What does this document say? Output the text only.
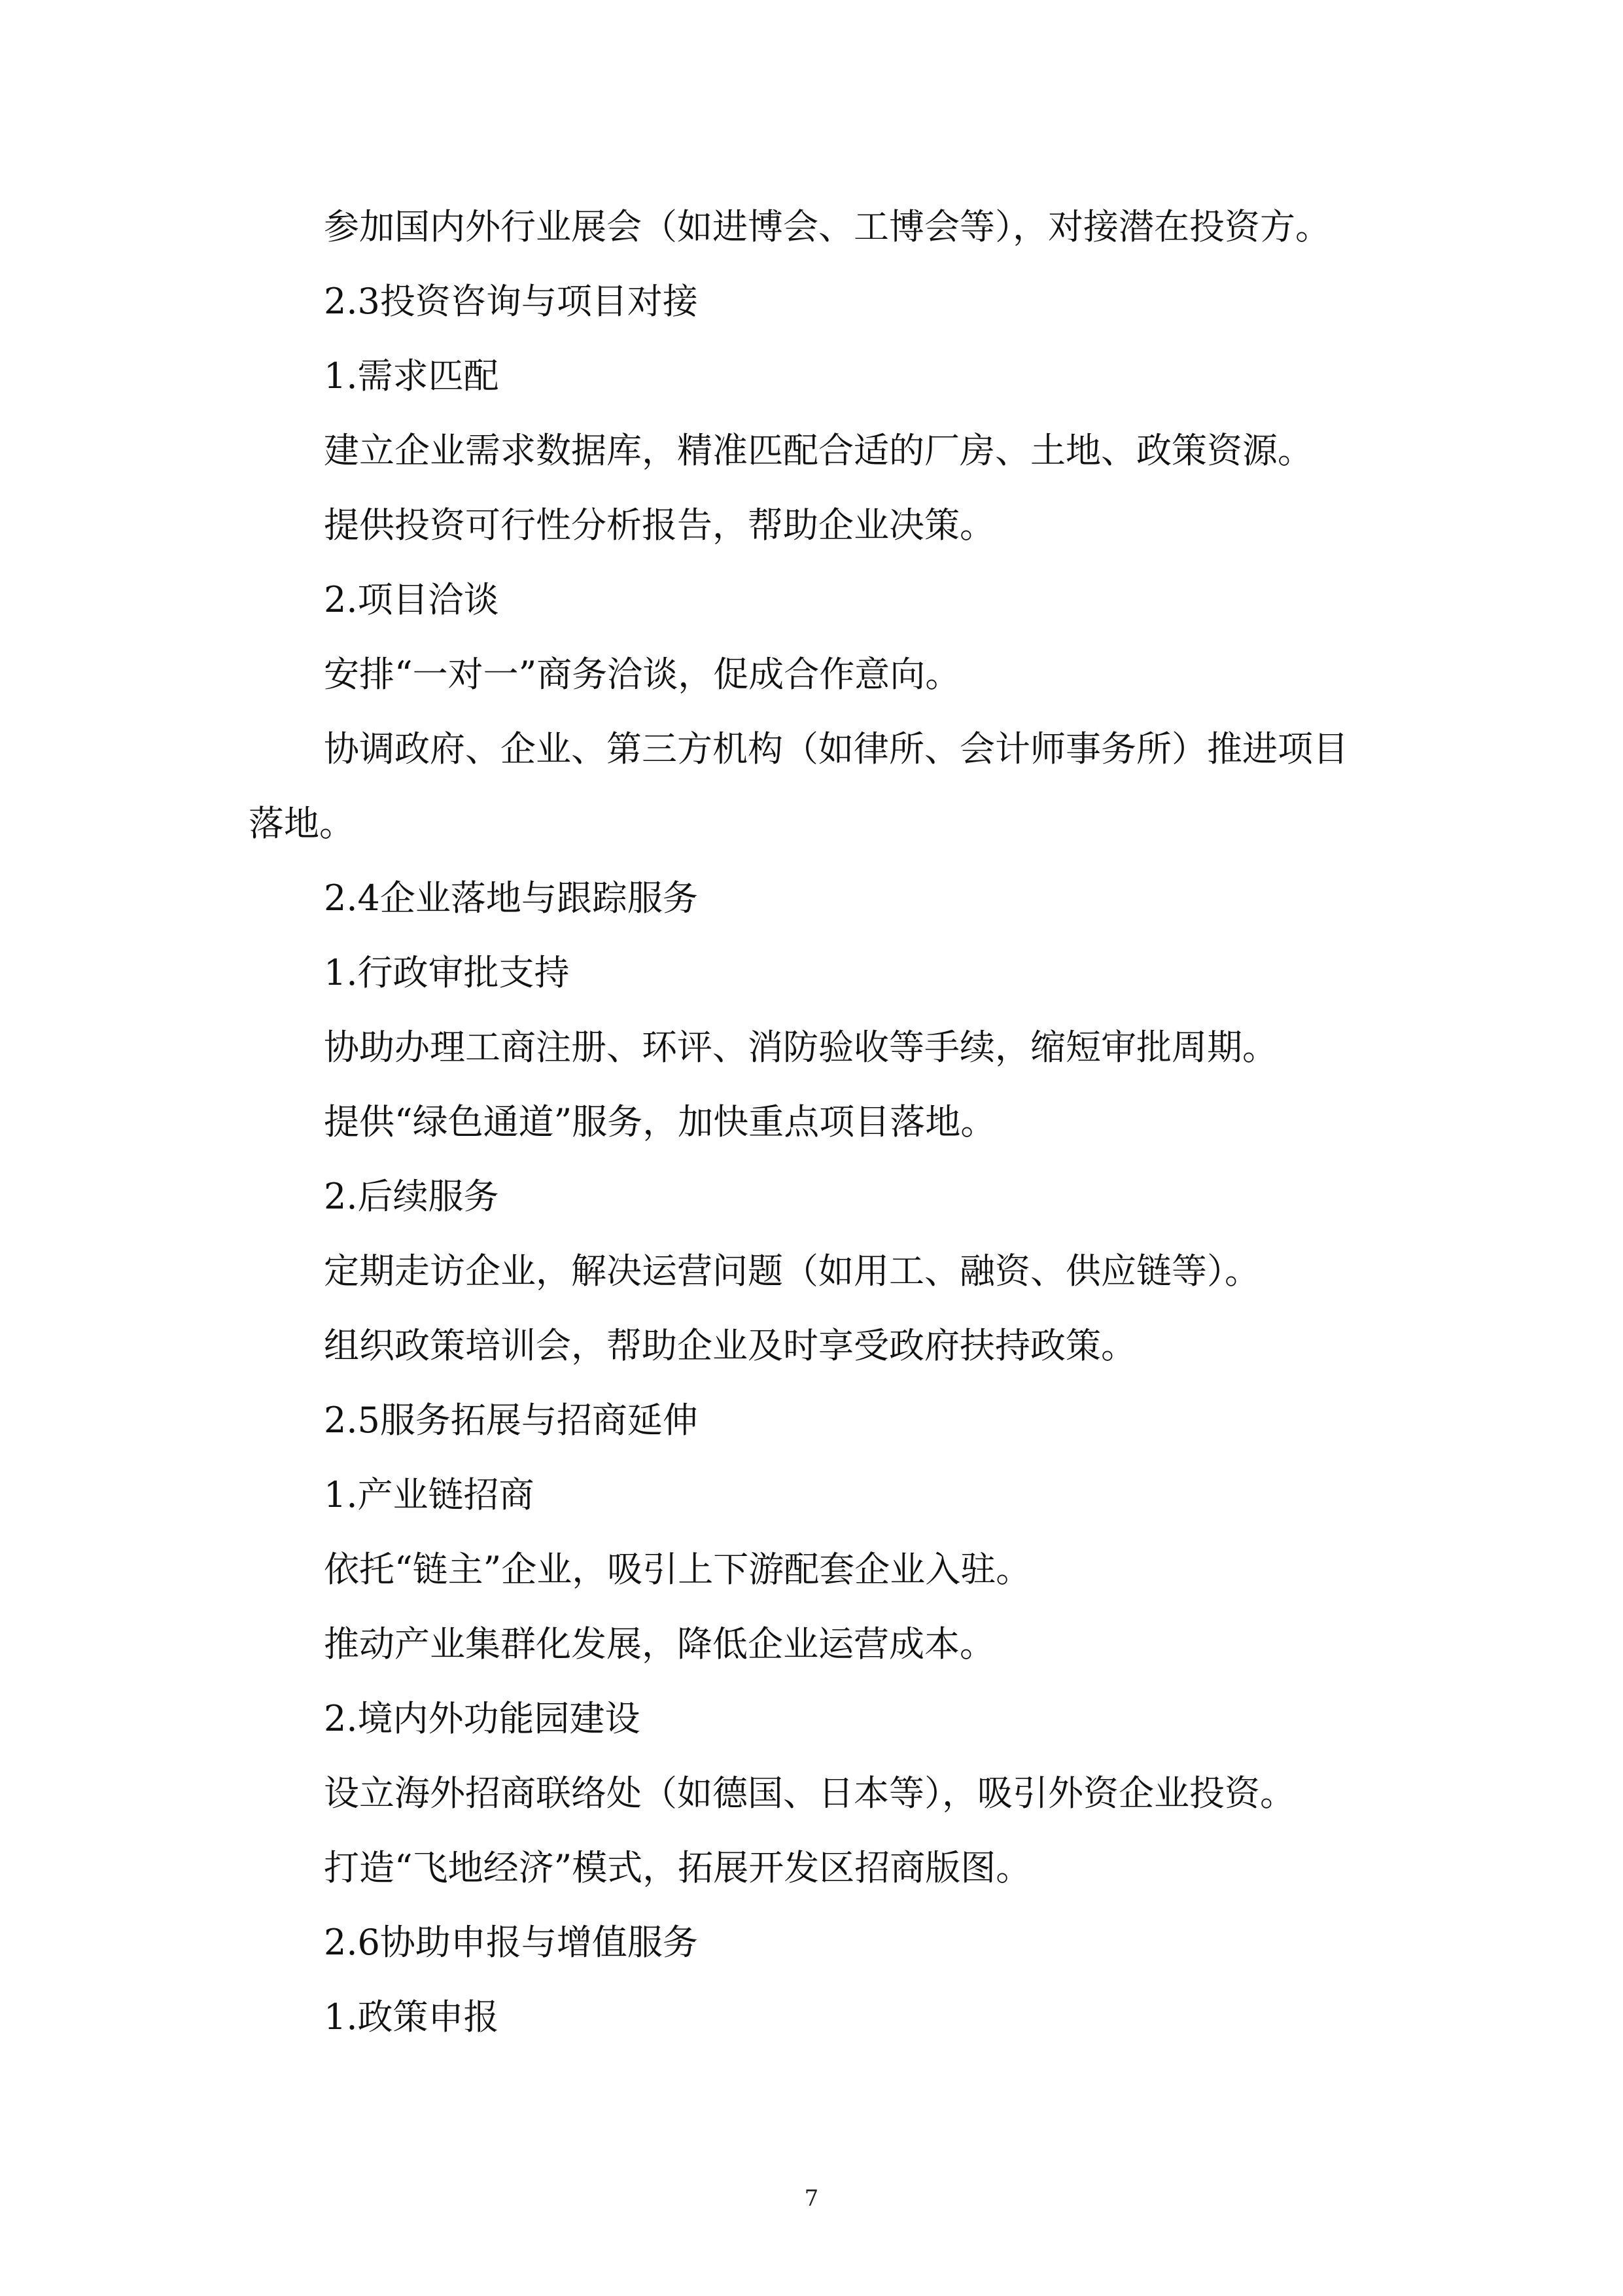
参加国内外行业展会（如进博会、工博会等），对接潜在投资方。
2.3投资咨询与项目对接
1.需求匹配
建立企业需求数据库，精准匹配合适的厂房、土地、政策资源。
提供投资可行性分析报告，帮助企业决策。
2.项目洽谈
安排“一对一”商务洽谈，促成合作意向。
协调政府、企业、第三方机构（如律所、会计师事务所）推进项目落地。
2.4企业落地与跟踪服务
1.行政审批支持
协助办理工商注册、环评、消防验收等手续，缩短审批周期。
提供“绿色通道”服务，加快重点项目落地。
2.后续服务
定期走访企业，解决运营问题（如用工、融资、供应链等）。
组织政策培训会，帮助企业及时享受政府扶持政策。
2.5服务拓展与招商延伸
1.产业链招商
依托“链主”企业，吸引上下游配套企业入驻。
推动产业集群化发展，降低企业运营成本。
2.境内外功能园建设
设立海外招商联络处（如德国、日本等），吸引外资企业投资。
打造“飞地经济”模式，拓展开发区招商版图。
2.6协助申报与增值服务
1.政策申报
7
